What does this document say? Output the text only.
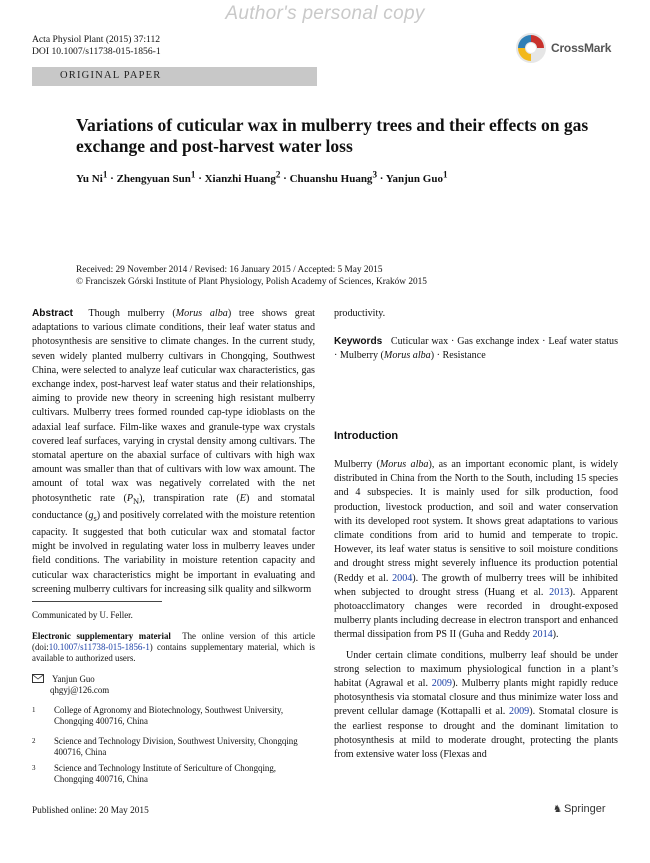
Author's personal copy
Acta Physiol Plant (2015) 37:112
DOI 10.1007/s11738-015-1856-1	CrossMark
ORIGINAL PAPER
Variations of cuticular wax in mulberry trees and their effects on gas exchange and post-harvest water loss
Yu $Ni^1$ · Zhengyuan Sun$^1$ · Xianzhi Huang$^2$ · Chuanshu Huang$^3$ · Yanjun Guo$^1$
Received: 29 November 2014 / Revised: 16 January 2015 / Accepted: 5 May 2015
© Franciszek Górski Institute of Plant Physiology, Polish Academy of Sciences, Kraków 2015

Abstract Though mulberry (Morus alba) tree shows great adaptations to various climate conditions, their leaf water status and photosynthesis are sensitive to climate changes. In the current study, seven widely planted mulberry cultivars in Chongqing, Southwest China, were selected to analyze leaf cuticular wax characteristics, gas exchange index, post-harvest leaf water status and their relationships, aiming to provide new theory in screening high resistant mulberry cultivars. Mulberry trees formed rounded cap-type idioblasts on the adaxial leaf surface. Film-like waxes and granule-type wax crystals covered leaf surfaces, varying in crystal density among cultivars. The stomatal aperture on the abaxial surface of cultivars with high wax amount was smaller than that of cultivars with low wax amount. The amount of total wax was negatively correlated with the net photosynthetic rate $(P_N)$, transpiration rate (E) and stomatal conductance $(g_s)$ and positively correlated with the moisture retention capacity. It suggested that both cuticular wax and stomatal factor might be involved in regulating water loss in mulberry leaves under field conditions. The variability in moisture retention capacity and cuticular wax characteristics might be important in evaluating and screening mulberry cultivars for increasing silk quality and silkworm

Communicated by U. Feller.
Electronic supplementary material The online version of this article (doi:10.1007/s11738-015-1856-1) contains supplementary material, which is available to authorized users.
Yanjun Guo
qhgyj@126.com
1 College of Agronomy and Biotechnology, Southwest University, Chongqing 400716, China
2 Science and Technology Division, Southwest University, Chongqing 400716, China
3 Science and Technology Institute of Sericulture of Chongqing, Chongqing 400716, China
Published online: 20 May 2015	♞ Springer

productivity.

Keywords Cuticular wax · Gas exchange index · Leaf water status · Mulberry (Morus alba) · Resistance

Introduction

Mulberry (Morus alba), as an important economic plant, is widely distributed in China from the North to the South, including 15 species and 4 subspecies. It is mainly used for silk production, food production, livestock production, and soil and water conservation with its developed root system. It shows great adaptations to various climate conditions from arid to humid and temperate to tropic. However, its leaf water status is sensitive to soil moisture conditions and drought stress might severely influence its production potential (Reddy et al. 2004). The growth of mulberry trees will be inhibited when subjected to drought stress (Huang et al. 2013). Apparent photoacclimatory changes were recorded in drought-exposed mulberry plants including decrease in electron transport and enhanced thermal dissipation from PS II (Guha and Reddy 2014).

Under certain climate conditions, mulberry leaf should be under strong selection to maximum physiological function in a plant’s habitat (Agrawal et al. 2009). Mulberry plants might rapidly reduce photosynthesis via stomatal closure and thus minimize water loss and prevent cellular damage (Kottapalli et al. 2009). Stomatal closure is the earliest response to drought and the dominant limitation to photosynthesis at mild to moderate drought, protecting the plants from extensive water loss (Flexas and
